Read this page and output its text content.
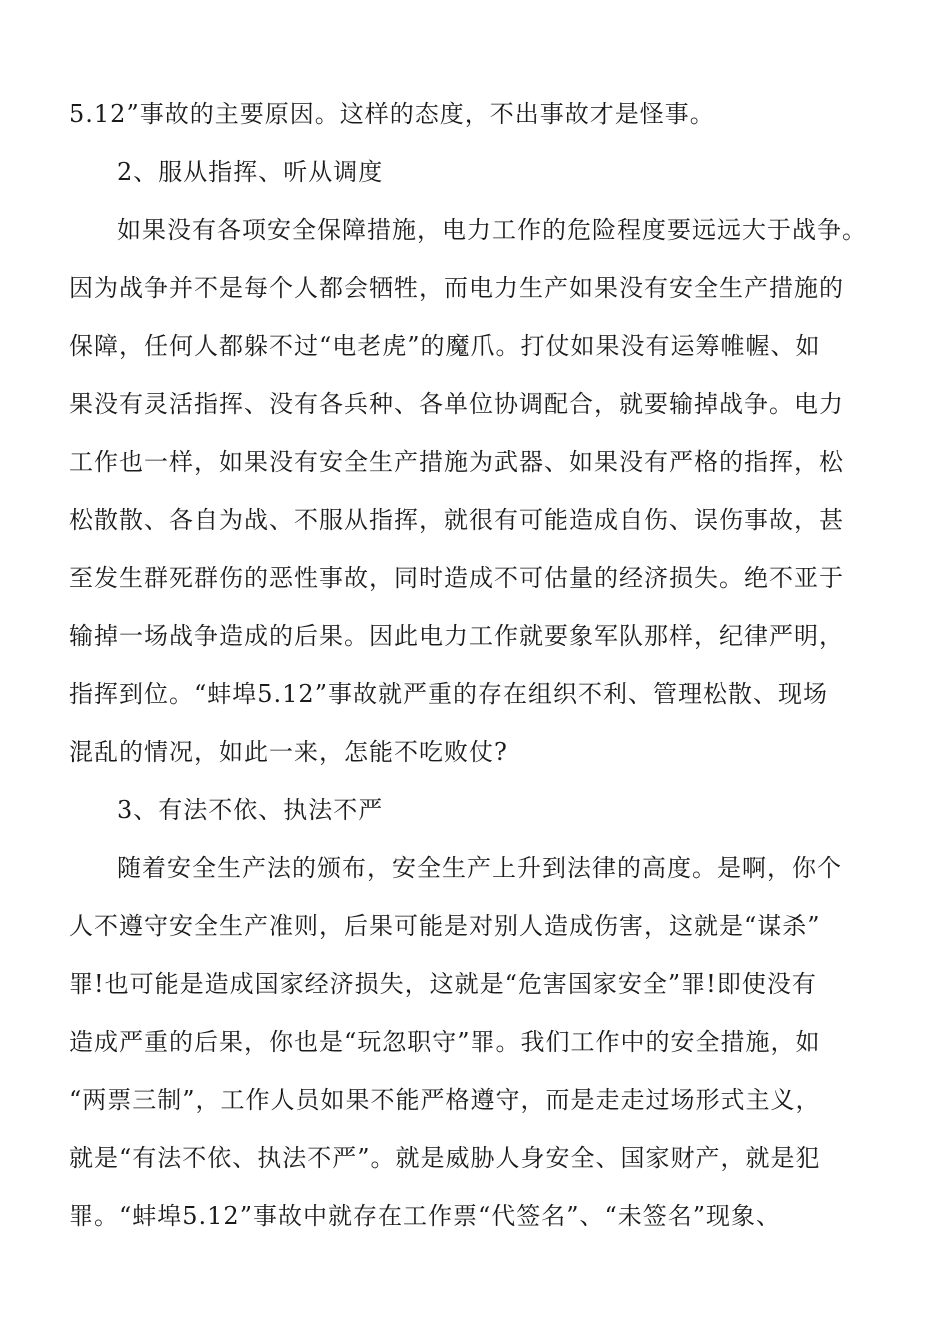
5.12”事故的主要原因。这样的态度，不出事故才是怪事。
2、服从指挥、听从调度
如果没有各项安全保障措施，电力工作的危险程度要远远大于战争。
因为战争并不是每个人都会牺牲，而电力生产如果没有安全生产措施的
保障，任何人都躲不过“电老虎”的魔爪。打仗如果没有运筹帷幄、如
果没有灵活指挥、没有各兵种、各单位协调配合，就要输掉战争。电力
工作也一样，如果没有安全生产措施为武器、如果没有严格的指挥，松
松散散、各自为战、不服从指挥，就很有可能造成自伤、误伤事故，甚
至发生群死群伤的恶性事故，同时造成不可估量的经济损失。绝不亚于
输掉一场战争造成的后果。因此电力工作就要象军队那样，纪律严明，
指挥到位。“蚌埠5.12”事故就严重的存在组织不利、管理松散、现场
混乱的情况，如此一来，怎能不吃败仗?
3、有法不依、执法不严
随着安全生产法的颁布，安全生产上升到法律的高度。是啊，你个
人不遵守安全生产准则，后果可能是对别人造成伤害，这就是“谋杀”
罪!也可能是造成国家经济损失，这就是“危害国家安全”罪!即使没有
造成严重的后果，你也是“玩忽职守”罪。我们工作中的安全措施，如
“两票三制”，工作人员如果不能严格遵守，而是走走过场形式主义，
就是“有法不依、执法不严”。就是威胁人身安全、国家财产，就是犯
罪。“蚌埠5.12”事故中就存在工作票“代签名”、“未签名”现象、
